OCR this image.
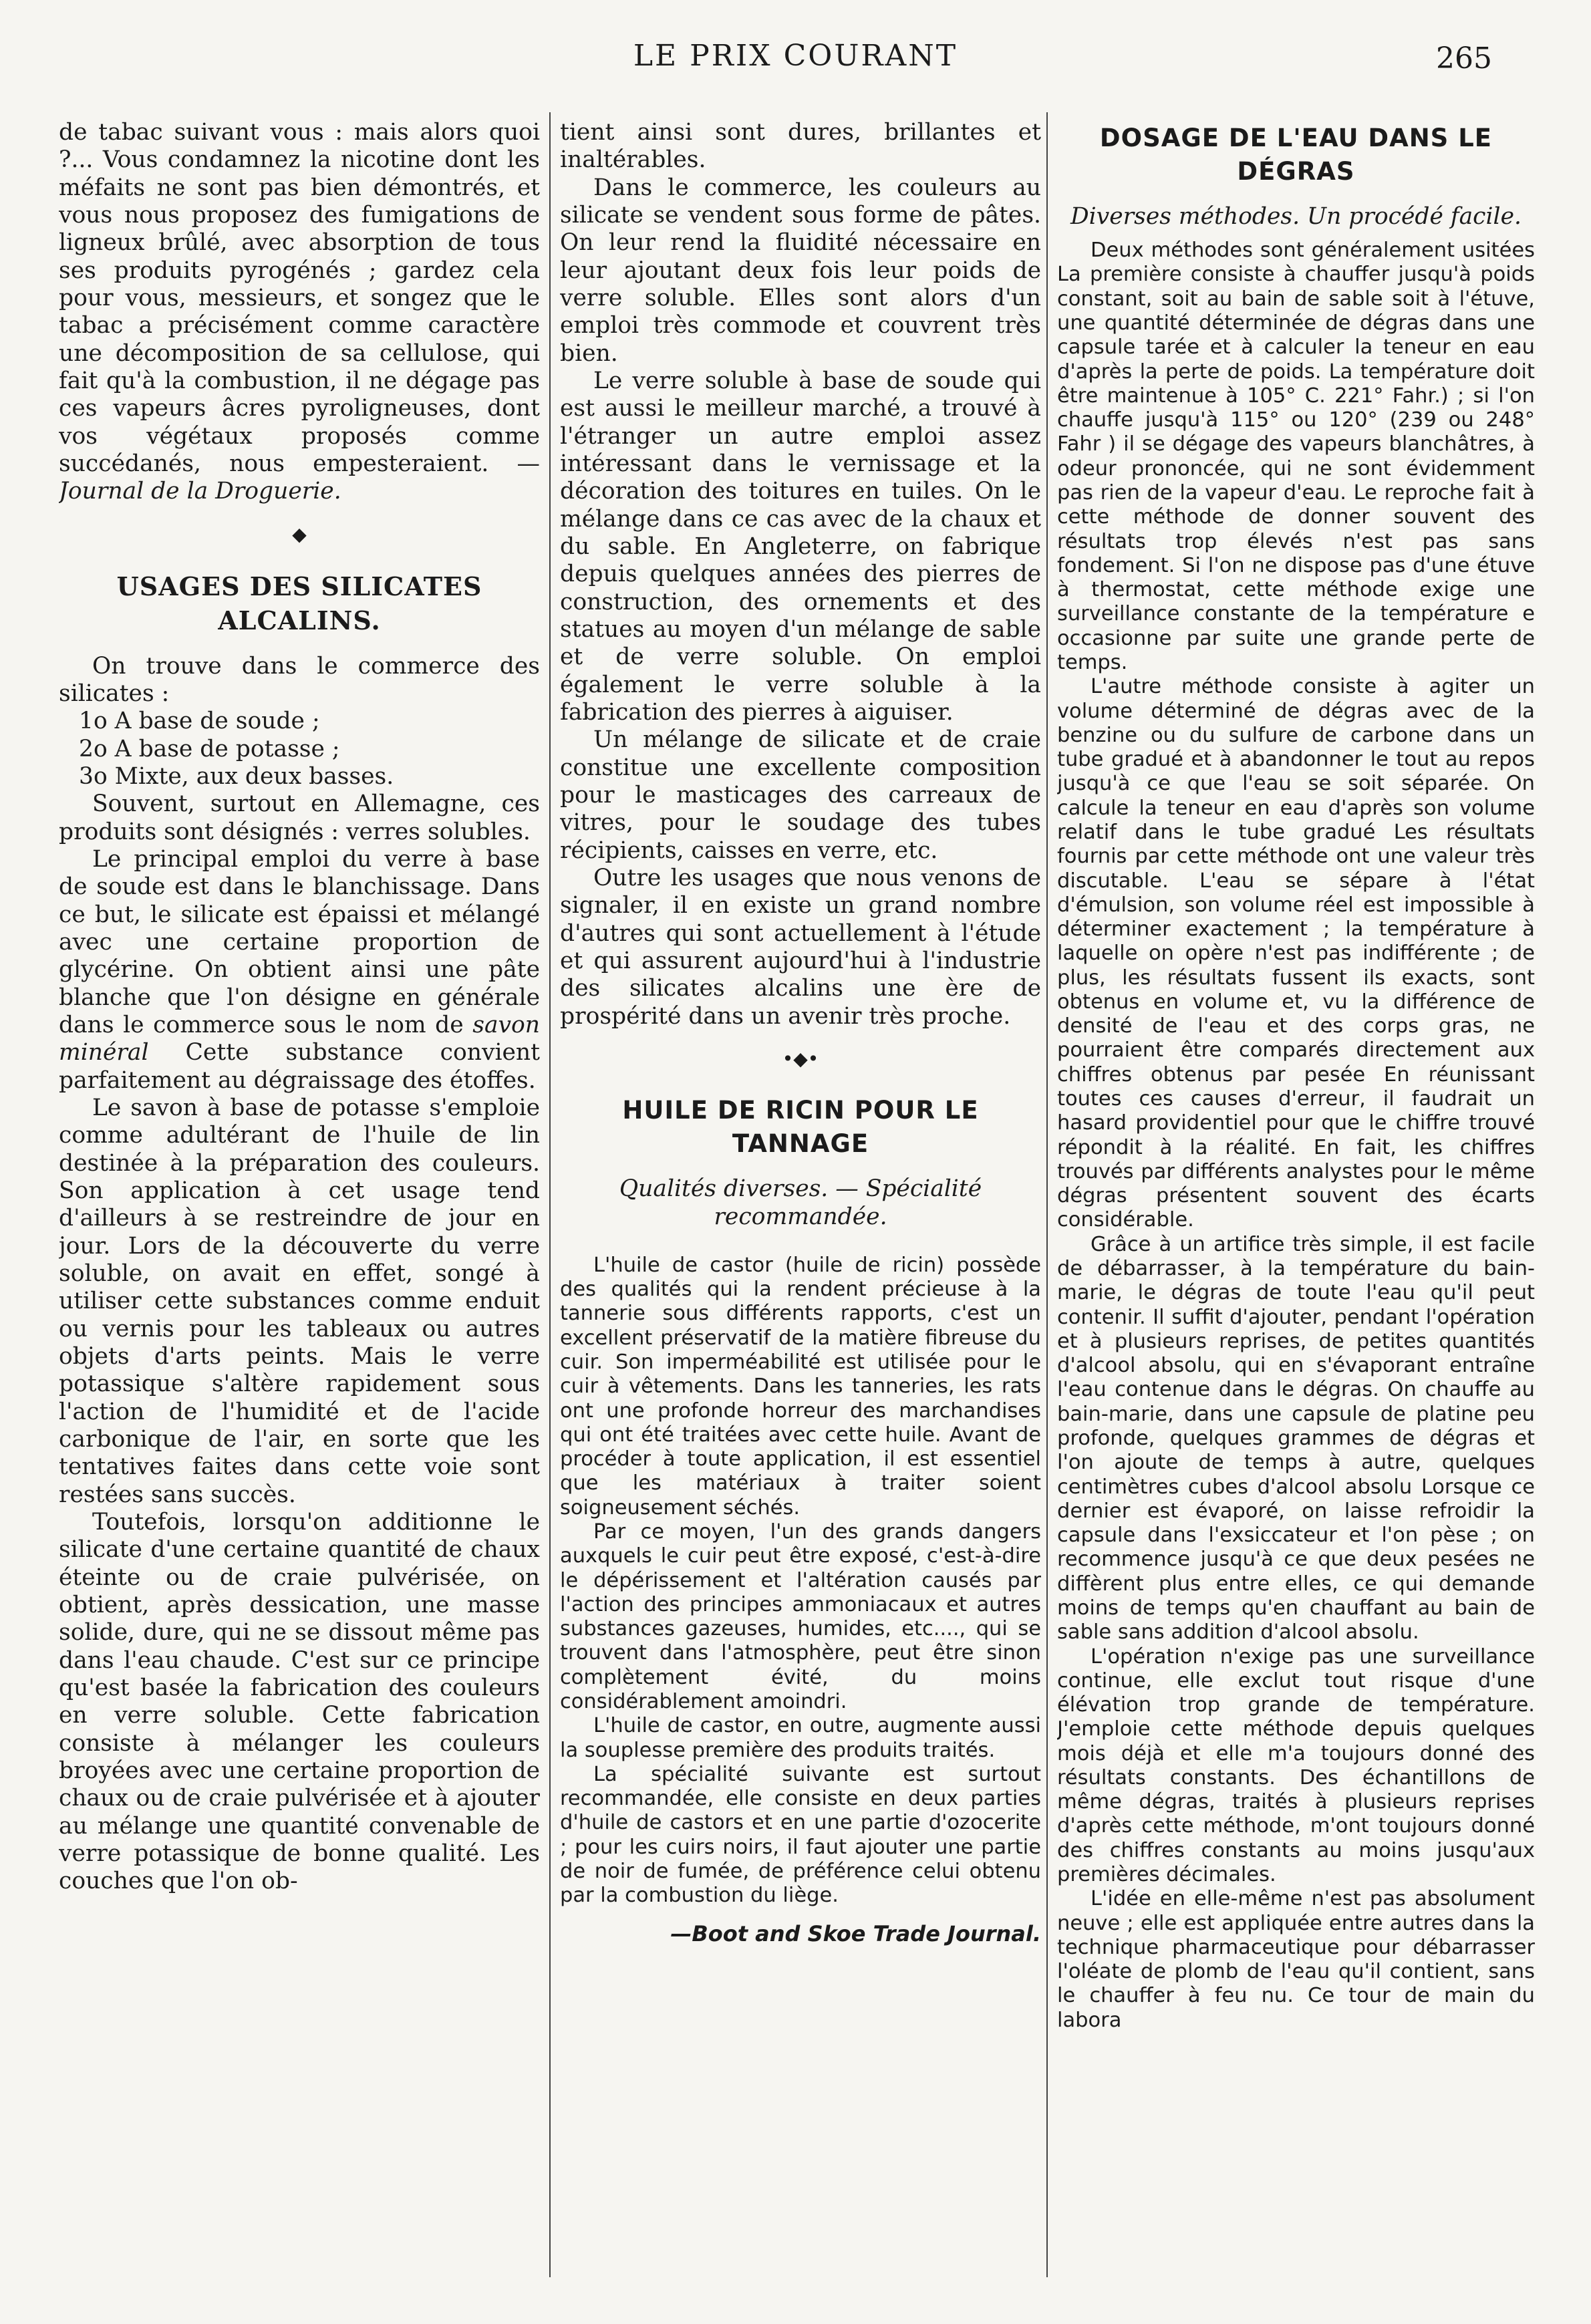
LE PRIX COURANT	265

de tabac suivant vous : mais alors quoi ?... Vous condamnez la nicotine dont les méfaits ne sont pas bien démontrés, et vous nous proposez des fumigations de ligneux brûlé, avec absorption de tous ses produits pyrogénés ; gardez cela pour vous, messieurs, et songez que le tabac a précisément comme caractère une décomposition de sa cellulose, qui fait qu'à la combustion, il ne dégage pas ces vapeurs âcres pyroligneuses, dont vos végétaux proposés comme succédanés, nous empesteraient. —Journal de la Droguerie.

◆
USAGES DES SILICATES ALCALINS.

On trouve dans le commerce des silicates :

1o A base de soude ;

2o A base de potasse ;

3o Mixte, aux deux basses.

Souvent, surtout en Allemagne, ces produits sont désignés : verres solubles.

Le principal emploi du verre à base de soude est dans le blanchissage. Dans ce but, le silicate est épaissi et mélangé avec une certaine proportion de glycérine. On obtient ainsi une pâte blanche que l'on désigne en générale dans le commerce sous le nom de savon minéral Cette substance convient parfaitement au dégraissage des étoffes.

Le savon à base de potasse s'emploie comme adultérant de l'huile de lin destinée à la préparation des couleurs. Son application à cet usage tend d'ailleurs à se restreindre de jour en jour. Lors de la découverte du verre soluble, on avait en effet, songé à utiliser cette substances comme enduit ou vernis pour les tableaux ou autres objets d'arts peints. Mais le verre potassique s'altère rapidement sous l'action de l'humidité et de l'acide carbonique de l'air, en sorte que les tentatives faites dans cette voie sont restées sans succès.

Toutefois, lorsqu'on additionne le silicate d'une certaine quantité de chaux éteinte ou de craie pulvérisée, on obtient, après dessication, une masse solide, dure, qui ne se dissout même pas dans l'eau chaude. C'est sur ce principe qu'est basée la fabrication des couleurs en verre soluble. Cette fabrication consiste à mélanger les couleurs broyées avec une certaine proportion de chaux ou de craie pulvérisée et à ajouter au mélange une quantité convenable de verre potassique de bonne qualité. Les couches que l'on ob-

tient ainsi sont dures, brillantes et inaltérables.

Dans le commerce, les couleurs au silicate se vendent sous forme de pâtes. On leur rend la fluidité nécessaire en leur ajoutant deux fois leur poids de verre soluble. Elles sont alors d'un emploi très commode et couvrent très bien.

Le verre soluble à base de soude qui est aussi le meilleur marché, a trouvé à l'étranger un autre emploi assez intéressant dans le vernissage et la décoration des toitures en tuiles. On le mélange dans ce cas avec de la chaux et du sable. En Angleterre, on fabrique depuis quelques années des pierres de construction, des ornements et des statues au moyen d'un mélange de sable et de verre soluble. On emploi également le verre soluble à la fabrication des pierres à aiguiser.

Un mélange de silicate et de craie constitue une excellente composition pour le masticages des carreaux de vitres, pour le soudage des tubes récipients, caisses en verre, etc.

Outre les usages que nous venons de signaler, il en existe un grand nombre d'autres qui sont actuellement à l'étude et qui assurent aujourd'hui à l'industrie des silicates alcalins une ère de prospérité dans un avenir très proche.

•◆•
HUILE DE RICIN POUR LE TANNAGE
Qualités diverses. — Spécialité recommandée.

L'huile de castor (huile de ricin) possède des qualités qui la rendent précieuse à la tannerie sous différents rapports, c'est un excellent préservatif de la matière fibreuse du cuir. Son imperméabilité est utilisée pour le cuir à vêtements. Dans les tanneries, les rats ont une profonde horreur des marchandises qui ont été traitées avec cette huile. Avant de procéder à toute application, il est essentiel que les matériaux à traiter soient soigneusement séchés.

Par ce moyen, l'un des grands dangers auxquels le cuir peut être exposé, c'est-à-dire le dépérissement et l'altération causés par l'action des principes ammoniacaux et autres substances gazeuses, humides, etc...., qui se trouvent dans l'atmosphère, peut être sinon complètement évité, du moins considérablement amoindri.

L'huile de castor, en outre, augmente aussi la souplesse première des produits traités.

La spécialité suivante est surtout recommandée, elle consiste en deux parties d'huile de castors et en une partie d'ozocerite ; pour les cuirs noirs, il faut ajouter une partie de noir de fumée, de préférence celui obtenu par la combustion du liège.

—Boot and Skoe Trade Journal.
DOSAGE DE L'EAU DANS LE DÉGRAS
Diverses méthodes. Un procédé facile.

Deux méthodes sont généralement usitées La première consiste à chauffer jusqu'à poids constant, soit au bain de sable soit à l'étuve, une quantité déterminée de dégras dans une capsule tarée et à calculer la teneur en eau d'après la perte de poids. La température doit être maintenue à 105° C. 221° Fahr.) ; si l'on chauffe jusqu'à 115° ou 120° (239 ou 248° Fahr ) il se dégage des vapeurs blanchâtres, à odeur prononcée, qui ne sont évidemment pas rien de la vapeur d'eau. Le reproche fait à cette méthode de donner souvent des résultats trop élevés n'est pas sans fondement. Si l'on ne dispose pas d'une étuve à thermostat, cette méthode exige une surveillance constante de la température e occasionne par suite une grande perte de temps.

L'autre méthode consiste à agiter un volume déterminé de dégras avec de la benzine ou du sulfure de carbone dans un tube gradué et à abandonner le tout au repos jusqu'à ce que l'eau se soit séparée. On calcule la teneur en eau d'après son volume relatif dans le tube gradué Les résultats fournis par cette méthode ont une valeur très discutable. L'eau se sépare à l'état d'émulsion, son volume réel est impossible à déterminer exactement ; la température à laquelle on opère n'est pas indifférente ; de plus, les résultats fussent ils exacts, sont obtenus en volume et, vu la différence de densité de l'eau et des corps gras, ne pourraient être comparés directement aux chiffres obtenus par pesée En réunissant toutes ces causes d'erreur, il faudrait un hasard providentiel pour que le chiffre trouvé répondit à la réalité. En fait, les chiffres trouvés par différents analystes pour le même dégras présentent souvent des écarts considérable.

Grâce à un artifice très simple, il est facile de débarrasser, à la température du bain-marie, le dégras de toute l'eau qu'il peut contenir. Il suffit d'ajouter, pendant l'opération et à plusieurs reprises, de petites quantités d'alcool absolu, qui en s'évaporant entraîne l'eau contenue dans le dégras. On chauffe au bain-marie, dans une capsule de platine peu profonde, quelques grammes de dégras et l'on ajoute de temps à autre, quelques centimètres cubes d'alcool absolu Lorsque ce dernier est évaporé, on laisse refroidir la capsule dans l'exsiccateur et l'on pèse ; on recommence jusqu'à ce que deux pesées ne diffèrent plus entre elles, ce qui demande moins de temps qu'en chauffant au bain de sable sans addition d'alcool absolu.

L'opération n'exige pas une surveillance continue, elle exclut tout risque d'une élévation trop grande de température. J'emploie cette méthode depuis quelques mois déjà et elle m'a toujours donné des résultats constants. Des échantillons de même dégras, traités à plusieurs reprises d'après cette méthode, m'ont toujours donné des chiffres constants au moins jusqu'aux premières décimales.

L'idée en elle-même n'est pas absolument neuve ; elle est appliquée entre autres dans la technique pharmaceutique pour débarrasser l'oléate de plomb de l'eau qu'il contient, sans le chauffer à feu nu. Ce tour de main du labora
